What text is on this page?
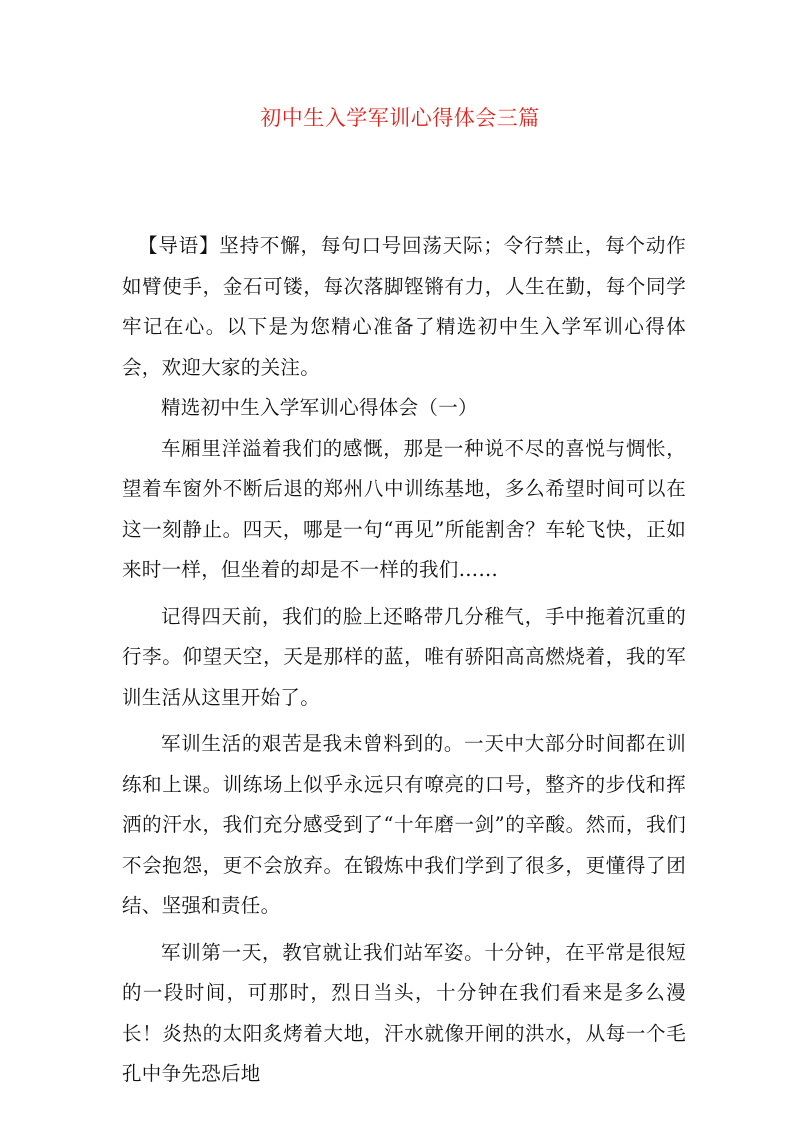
初中生入学军训心得体会三篇

【导语】坚持不懈，每句口号回荡天际；令行禁止，每个动作如臂使手，金石可镂，每次落脚铿锵有力，人生在勤，每个同学牢记在心。以下是为您精心准备了精选初中生入学军训心得体会，欢迎大家的关注。

精选初中生入学军训心得体会（一）

车厢里洋溢着我们的感慨，那是一种说不尽的喜悦与惆怅，望着车窗外不断后退的郑州八中训练基地，多么希望时间可以在这一刻静止。四天，哪是一句“再见”所能割舍？车轮飞快，正如来时一样，但坐着的却是不一样的我们……

记得四天前，我们的脸上还略带几分稚气，手中拖着沉重的行李。仰望天空，天是那样的蓝，唯有骄阳高高燃烧着，我的军训生活从这里开始了。

军训生活的艰苦是我未曾料到的。一天中大部分时间都在训练和上课。训练场上似乎永远只有嘹亮的口号，整齐的步伐和挥洒的汗水，我们充分感受到了“十年磨一剑”的辛酸。然而，我们不会抱怨，更不会放弃。在锻炼中我们学到了很多，更懂得了团结、坚强和责任。

军训第一天，教官就让我们站军姿。十分钟，在平常是很短的一段时间，可那时，烈日当头，十分钟在我们看来是多么漫长！炎热的太阳炙烤着大地，汗水就像开闸的洪水，从每一个毛孔中争先恐后地
